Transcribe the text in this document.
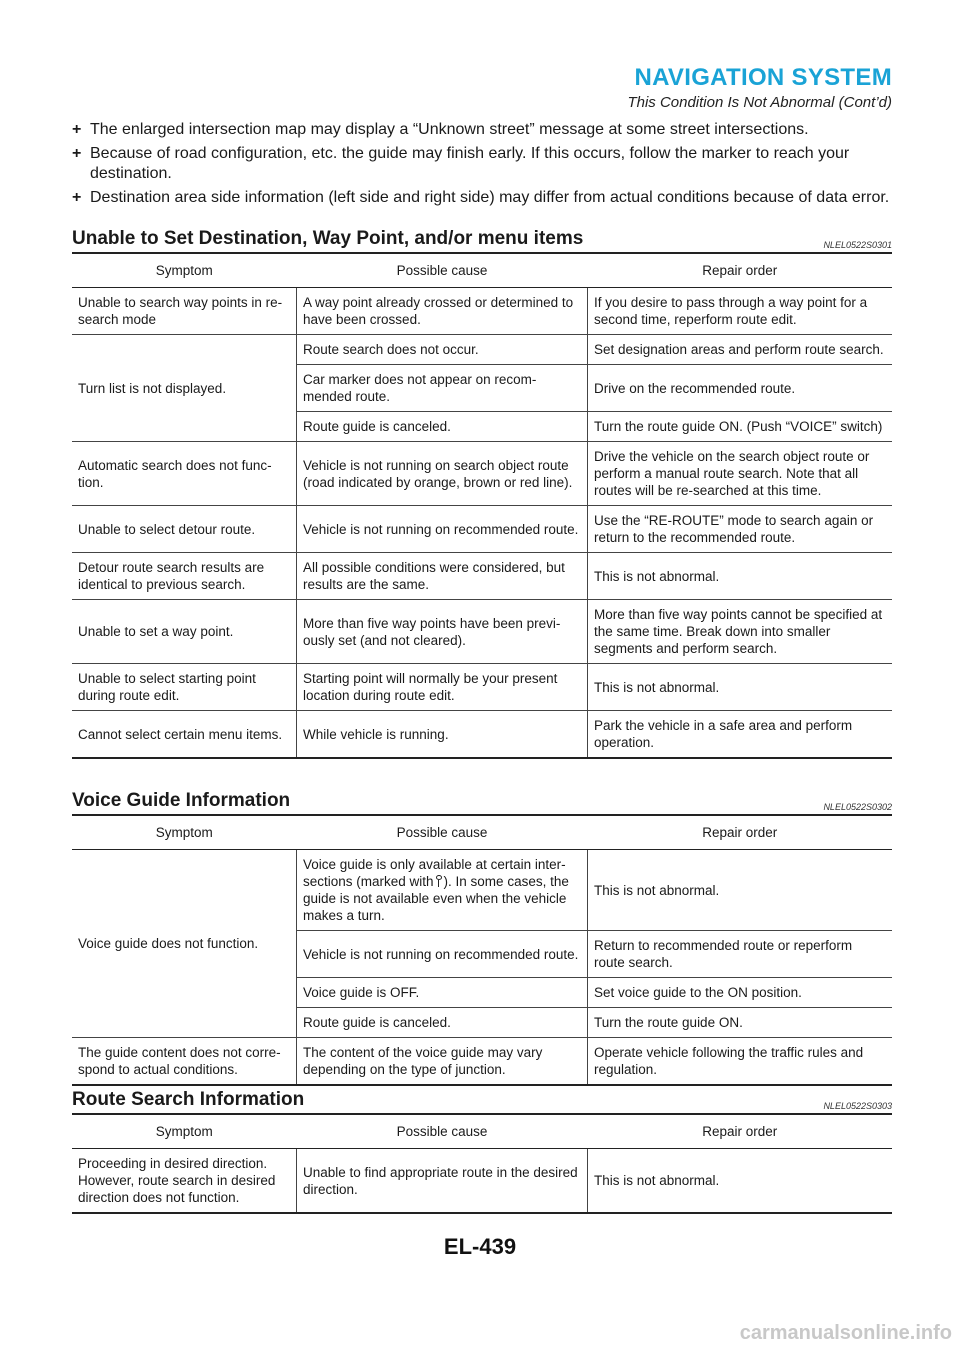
NAVIGATION SYSTEM
This Condition Is Not Abnormal (Cont’d)
+ The enlarged intersection map may display a “Unknown street” message at some street intersections.
+ Because of road configuration, etc. the guide may finish early. If this occurs, follow the marker to reach your destination.
+ Destination area side information (left side and right side) may differ from actual conditions because of data error.
Unable to Set Destination, Way Point, and/or menu items	NLEL0522S0301
Symptom	Possible cause	Repair order
Unable to search way points in re-search mode	A way point already crossed or determined to have been crossed.	If you desire to pass through a way point for a second time, reperform route edit.
Turn list is not displayed.	Route search does not occur.	Set designation areas and perform route search.
	Car marker does not appear on recom-mended route.	Drive on the recommended route.
	Route guide is canceled.	Turn the route guide ON. (Push “VOICE” switch)
Automatic search does not func-tion.	Vehicle is not running on search object route (road indicated by orange, brown or red line).	Drive the vehicle on the search object route or perform a manual route search. Note that all routes will be re-searched at this time.
Unable to select detour route.	Vehicle is not running on recommended route.	Use the “RE-ROUTE” mode to search again or return to the recommended route.
Detour route search results are identical to previous search.	All possible conditions were considered, but results are the same.	This is not abnormal.
Unable to set a way point.	More than five way points have been previ-ously set (and not cleared).	More than five way points cannot be specified at the same time. Break down into smaller segments and perform search.
Unable to select starting point during route edit.	Starting point will normally be your present location during route edit.	This is not abnormal.
Cannot select certain menu items.	While vehicle is running.	Park the vehicle in a safe area and perform operation.
Voice Guide Information	NLEL0522S0302
Symptom	Possible cause	Repair order
Voice guide does not function.	Voice guide is only available at certain inter-sections (marked with ). In some cases, the guide is not available even when the vehicle makes a turn.	This is not abnormal.
	Vehicle is not running on recommended route.	Return to recommended route or reperform route search.
	Voice guide is OFF.	Set voice guide to the ON position.
	Route guide is canceled.	Turn the route guide ON.
The guide content does not corre-spond to actual conditions.	The content of the voice guide may vary depending on the type of junction.	Operate vehicle following the traffic rules and regulation.
Route Search Information	NLEL0522S0303
Symptom	Possible cause	Repair order
Proceeding in desired direction. However, route search in desired direction does not function.	Unable to find appropriate route in the desired direction.	This is not abnormal.
EL-439
carmanualsonline.info
